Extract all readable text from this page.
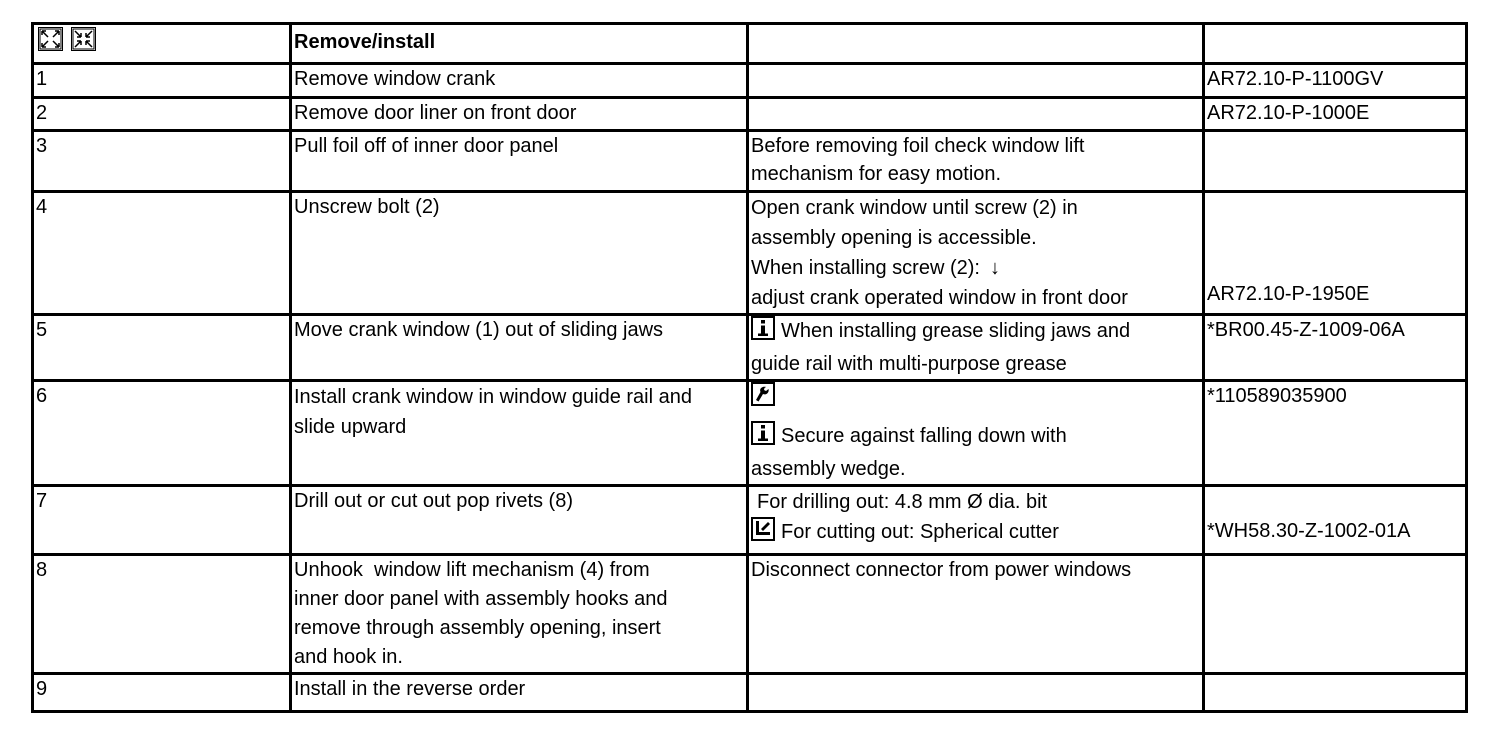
	Remove/install		
1	Remove window crank		AR72.10-P-1100GV
2	Remove door liner on front door		AR72.10-P-1000E
3	Pull foil off of inner door panel	Before removing foil check window lift
mechanism for easy motion.	

4	Unscrew bolt (2)	Open crank window until screw (2) in
assembly opening is accessible.
When installing screw (2): ↓
adjust crank operated window in front door	AR72.10-P-1950E

5	Move crank window (1) out of sliding jaws	When installing grease sliding jaws and
guide rail with multi-purpose grease	*BR00.45-Z-1009-06A
6	Install crank window in window guide rail and
slide upward	Secure against falling down with
assembly wedge.	*110589035900
7	Drill out or cut out pop rivets (8)	For drilling out: 4.8 mm Ø dia. bit
For cutting out: Spherical cutter	*WH58.30-Z-1002-01A

8	Unhook  window lift mechanism (4) from
inner door panel with assembly hooks and
remove through assembly opening, insert
and hook in.	Disconnect connector from power windows	

9	Install in the reverse order		
